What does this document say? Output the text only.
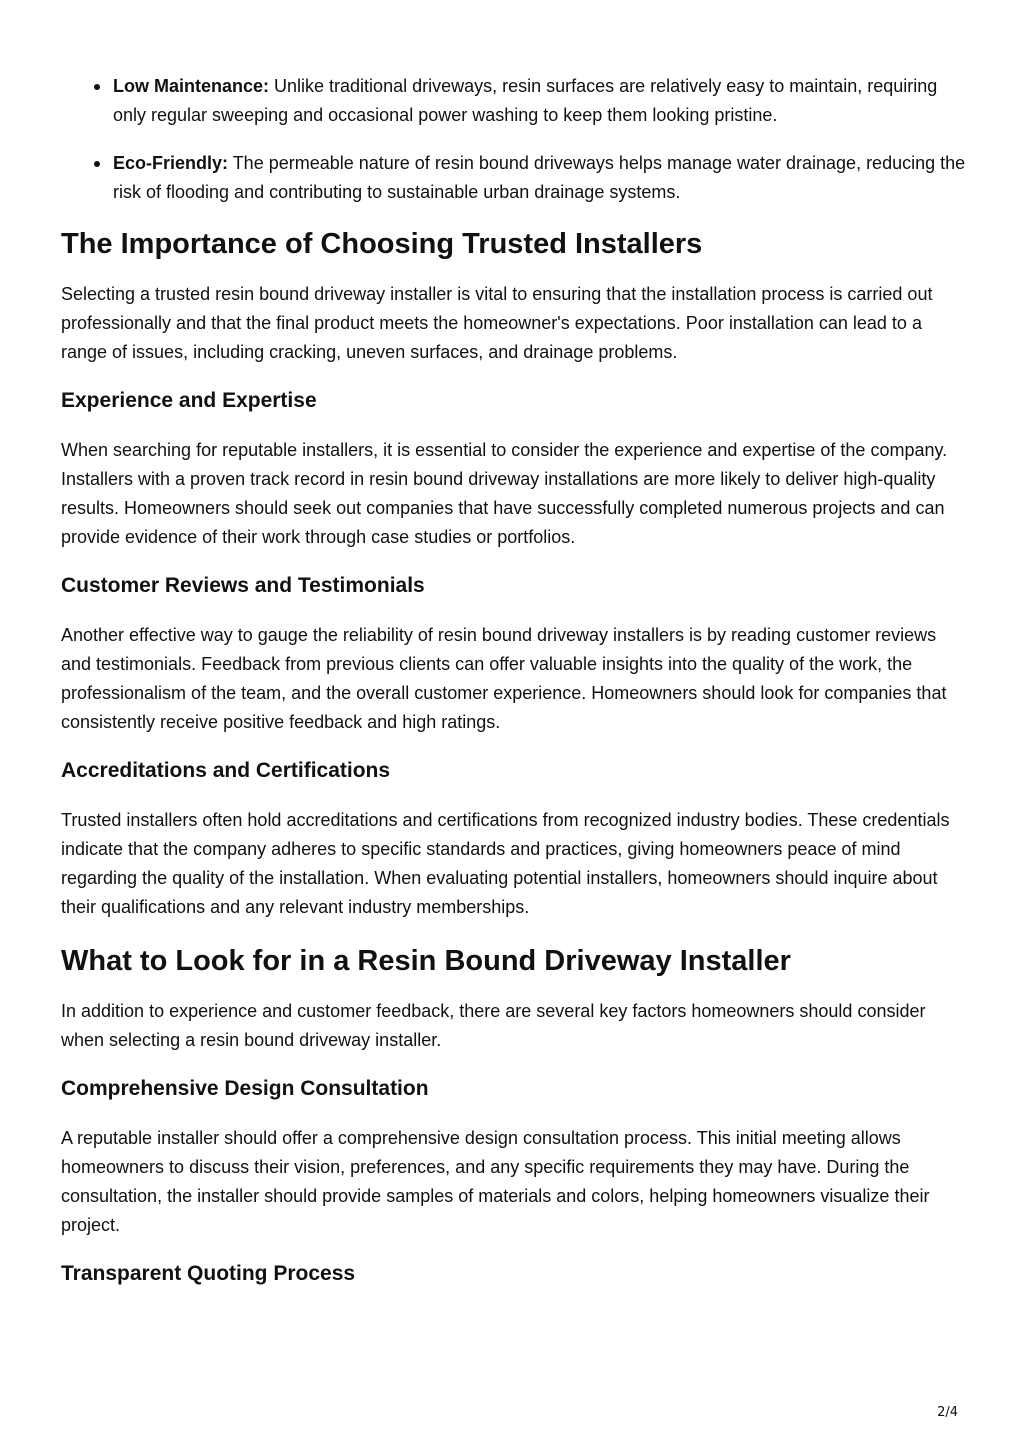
Low Maintenance: Unlike traditional driveways, resin surfaces are relatively easy to maintain, requiring only regular sweeping and occasional power washing to keep them looking pristine.
Eco-Friendly: The permeable nature of resin bound driveways helps manage water drainage, reducing the risk of flooding and contributing to sustainable urban drainage systems.
The Importance of Choosing Trusted Installers

Selecting a trusted resin bound driveway installer is vital to ensuring that the installation process is carried out professionally and that the final product meets the homeowner's expectations. Poor installation can lead to a range of issues, including cracking, uneven surfaces, and drainage problems.

Experience and Expertise

When searching for reputable installers, it is essential to consider the experience and expertise of the company. Installers with a proven track record in resin bound driveway installations are more likely to deliver high-quality results. Homeowners should seek out companies that have successfully completed numerous projects and can provide evidence of their work through case studies or portfolios.

Customer Reviews and Testimonials

Another effective way to gauge the reliability of resin bound driveway installers is by reading customer reviews and testimonials. Feedback from previous clients can offer valuable insights into the quality of the work, the professionalism of the team, and the overall customer experience. Homeowners should look for companies that consistently receive positive feedback and high ratings.

Accreditations and Certifications

Trusted installers often hold accreditations and certifications from recognized industry bodies. These credentials indicate that the company adheres to specific standards and practices, giving homeowners peace of mind regarding the quality of the installation. When evaluating potential installers, homeowners should inquire about their qualifications and any relevant industry memberships.

What to Look for in a Resin Bound Driveway Installer

In addition to experience and customer feedback, there are several key factors homeowners should consider when selecting a resin bound driveway installer.

Comprehensive Design Consultation

A reputable installer should offer a comprehensive design consultation process. This initial meeting allows homeowners to discuss their vision, preferences, and any specific requirements they may have. During the consultation, the installer should provide samples of materials and colors, helping homeowners visualize their project.

Transparent Quoting Process
2/4
